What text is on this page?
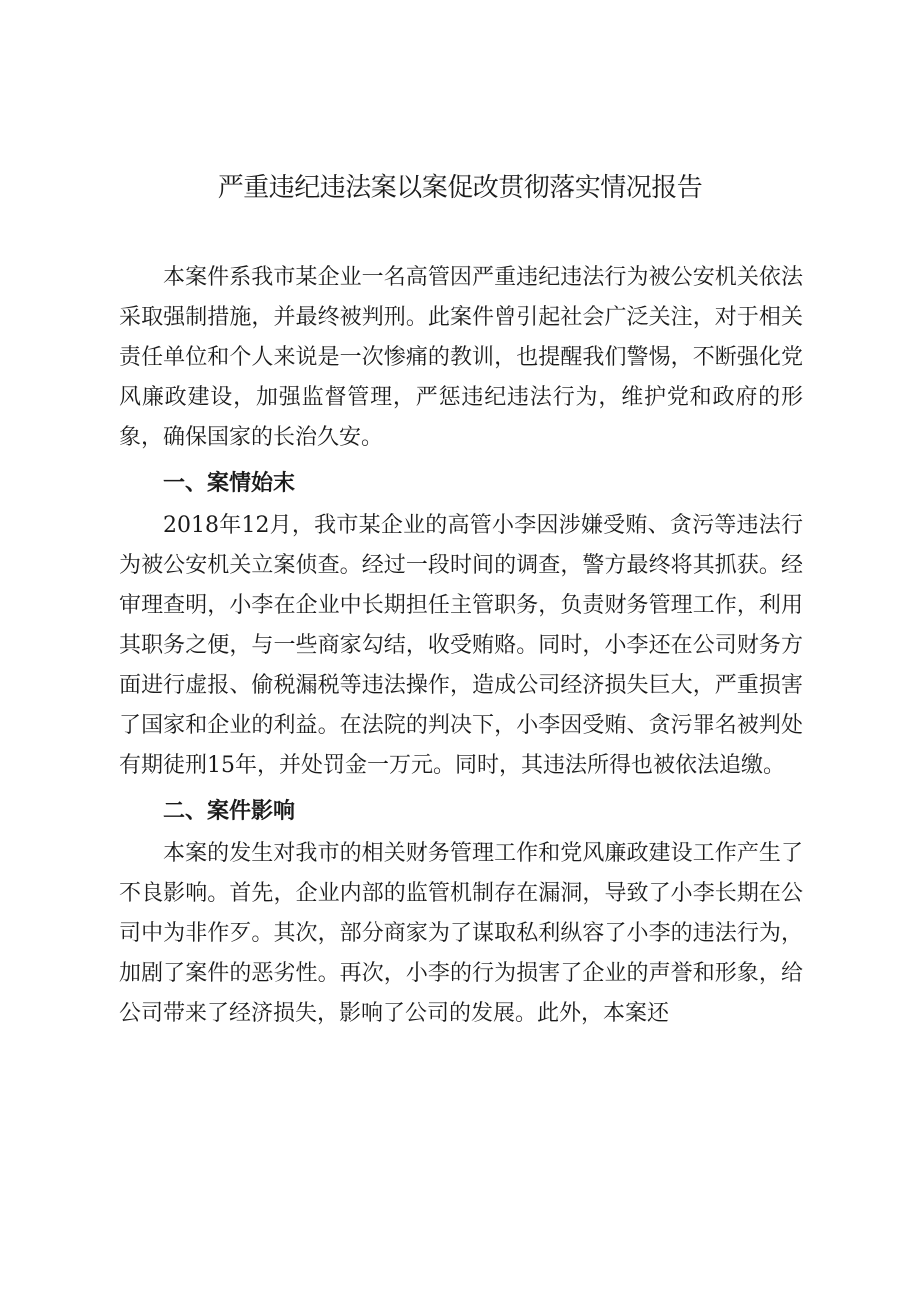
严重违纪违法案以案促改贯彻落实情况报告

本案件系我市某企业一名高管因严重违纪违法行为被公安机关依法采取强制措施，并最终被判刑。此案件曾引起社会广泛关注，对于相关责任单位和个人来说是一次惨痛的教训，也提醒我们警惕，不断强化党风廉政建设，加强监督管理，严惩违纪违法行为，维护党和政府的形象，确保国家的长治久安。

一、案情始末

2018年12月，我市某企业的高管小李因涉嫌受贿、贪污等违法行为被公安机关立案侦查。经过一段时间的调查，警方最终将其抓获。经审理查明，小李在企业中长期担任主管职务，负责财务管理工作，利用其职务之便，与一些商家勾结，收受贿赂。同时，小李还在公司财务方面进行虚报、偷税漏税等违法操作，造成公司经济损失巨大，严重损害了国家和企业的利益。在法院的判决下，小李因受贿、贪污罪名被判处有期徒刑15年，并处罚金一万元。同时，其违法所得也被依法追缴。

二、案件影响

本案的发生对我市的相关财务管理工作和党风廉政建设工作产生了不良影响。首先，企业内部的监管机制存在漏洞，导致了小李长期在公司中为非作歹。其次，部分商家为了谋取私利纵容了小李的违法行为，加剧了案件的恶劣性。再次，小李的行为损害了企业的声誉和形象，给公司带来了经济损失，影响了公司的发展。此外，本案还
